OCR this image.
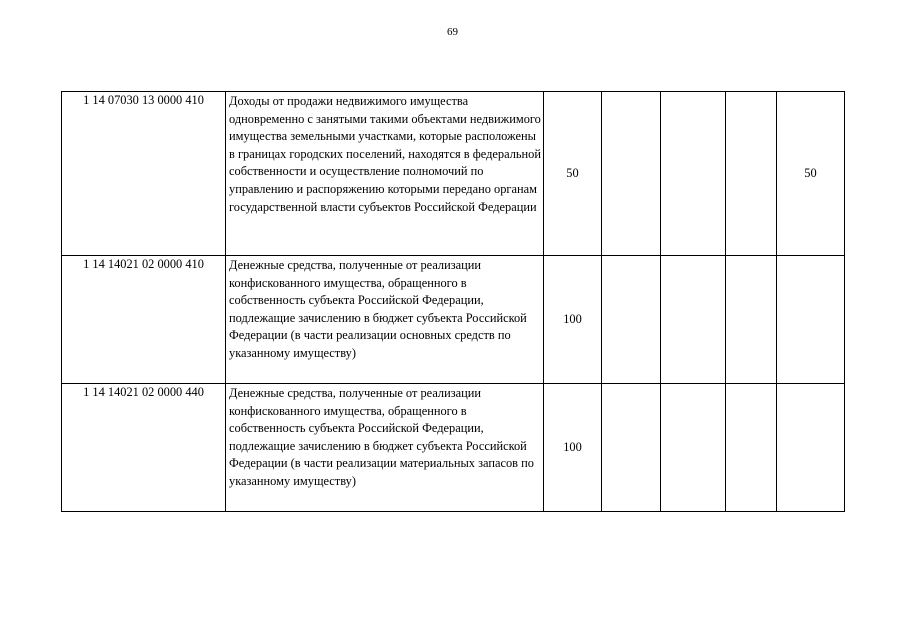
69
1 14 07030 13 0000 410	Доходы от продажи недвижимого имущества одновременно с занятыми такими объектами недвижимого имущества земельными участками, которые расположены в границах городских поселений, находятся в федеральной собственности и осуществление полномочий по управлению и распоряжению которыми передано органам государственной власти субъектов Российской Федерации	50				50	
1 14 14021 02 0000 410	Денежные средства, полученные от реализации конфискованного имущества, обращенного в собственность субъекта Российской Федерации, подлежащие зачислению в бюджет субъекта Российской Федерации (в части реализации основных средств по указанному имуществу)	100					
1 14 14021 02 0000 440	Денежные средства, полученные от реализации конфискованного имущества, обращенного в собственность субъекта Российской Федерации, подлежащие зачислению в бюджет субъекта Российской Федерации (в части реализации материальных запасов по указанному имуществу)	100					
